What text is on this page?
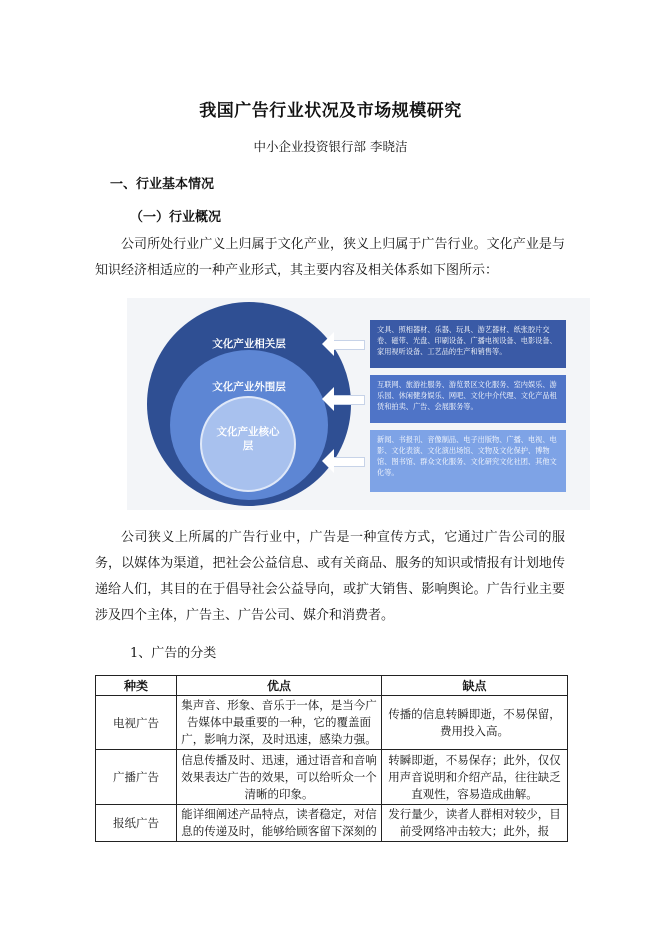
我国广告行业状况及市场规模研究
中小企业投资银行部 李晓洁
一、行业基本情况
（一）行业概况
公司所处行业广义上归属于文化产业，狭义上归属于广告行业。文化产业是与知识经济相适应的一种产业形式，其主要内容及相关体系如下图所示：
文化产业相关层
文化产业外围层
文化产业核心层
文具、照相器材、乐器、玩具、游艺器材、纸张胶片交卷、磁带、光盘、印刷设备、广播电视设备、电影设备、家用视听设备、工艺品的生产和销售等。
互联网、旅游社服务、游览景区文化服务、室内娱乐、游乐园、休闲健身娱乐、网吧、文化中介代理、文化产品租赁和拍卖、广告、会展服务等。
新闻、书报刊、音像制品、电子出版物、广播、电视、电影、文化表演、文化演出场馆、文物及文化保护、博物馆、图书馆、群众文化服务、文化研究文化社团、其他文化等。
公司狭义上所属的广告行业中，广告是一种宣传方式，它通过广告公司的服务，以媒体为渠道，把社会公益信息、或有关商品、服务的知识或情报有计划地传递给人们，其目的在于倡导社会公益导向，或扩大销售、影响舆论。广告行业主要涉及四个主体，广告主、广告公司、媒介和消费者。
1、广告的分类
种类	优点	缺点
电视广告	集声音、形象、音乐于一体，是当今广告媒体中最重要的一种，它的覆盖面广，影响力深，及时迅速，感染力强。	传播的信息转瞬即逝，不易保留，费用投入高。
广播广告	信息传播及时、迅速，通过语音和音响效果表达广告的效果，可以给听众一个清晰的印象。	转瞬即逝，不易保存；此外，仅仅用声音说明和介绍产品，往往缺乏直观性，容易造成曲解。
报纸广告	能详细阐述产品特点，读者稳定，对信息的传递及时，能够给顾客留下深刻的	发行量少，读者人群相对较少，目前受网络冲击较大；此外，报
